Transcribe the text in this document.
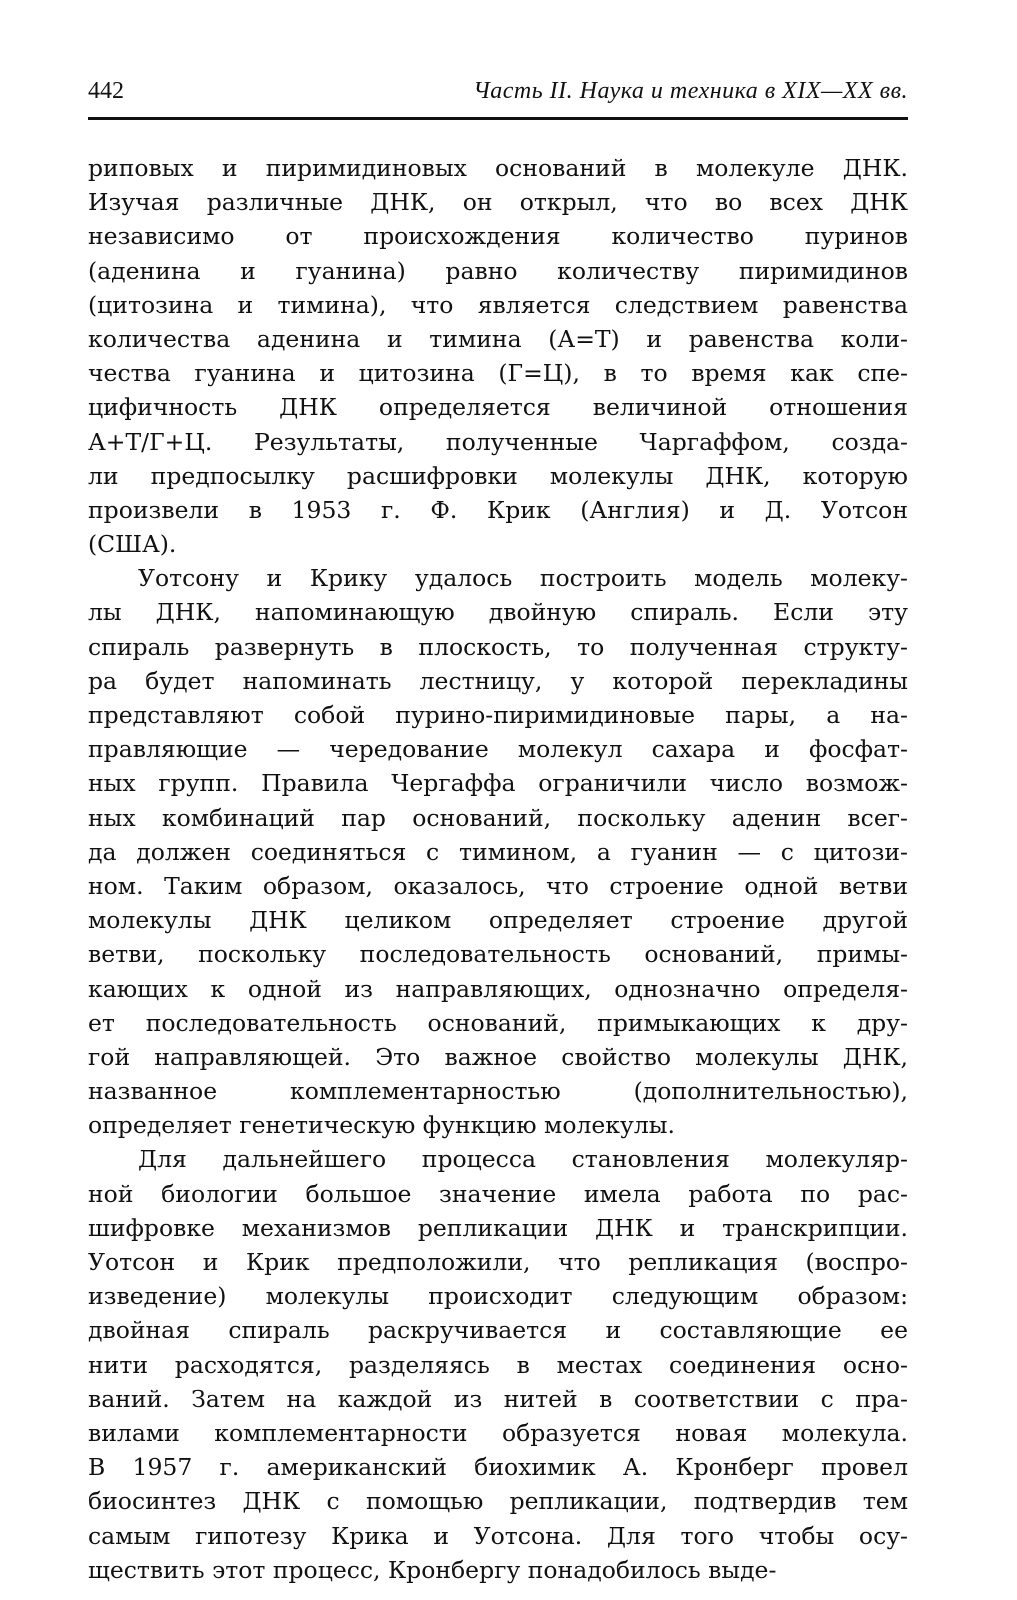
442	Часть II. Наука и техника в XIX—XX вв.
риповых и пиримидиновых оснований в молекуле ДНК.
Изучая различные ДНК, он открыл, что во всех ДНК
независимо от происхождения количество пуринов
(аденина и гуанина) равно количеству пиримидинов
(цитозина и тимина), что является следствием равенства
количества аденина и тимина (А=Т) и равенства коли-
чества гуанина и цитозина (Г=Ц), в то время как спе-
цифичность ДНК определяется величиной отношения
А+Т/Г+Ц. Результаты, полученные Чаргаффом, созда-
ли предпосылку расшифровки молекулы ДНК, которую
произвели в 1953 г. Ф. Крик (Англия) и Д. Уотсон
(США).
Уотсону и Крику удалось построить модель молеку-
лы ДНК, напоминающую двойную спираль. Если эту
спираль развернуть в плоскость, то полученная структу-
ра будет напоминать лестницу, у которой перекладины
представляют собой пурино-пиримидиновые пары, а на-
правляющие — чередование молекул сахара и фосфат-
ных групп. Правила Чергаффа ограничили число возмож-
ных комбинаций пар оснований, поскольку аденин всег-
да должен соединяться с тимином, а гуанин — с цитози-
ном. Таким образом, оказалось, что строение одной ветви
молекулы ДНК целиком определяет строение другой
ветви, поскольку последовательность оснований, примы-
кающих к одной из направляющих, однозначно определя-
ет последовательность оснований, примыкающих к дру-
гой направляющей. Это важное свойство молекулы ДНК,
названное комплементарностью (дополнительностью),
определяет генетическую функцию молекулы.
Для дальнейшего процесса становления молекуляр-
ной биологии большое значение имела работа по рас-
шифровке механизмов репликации ДНК и транскрипции.
Уотсон и Крик предположили, что репликация (воспро-
изведение) молекулы происходит следующим образом:
двойная спираль раскручивается и составляющие ее
нити расходятся, разделяясь в местах соединения осно-
ваний. Затем на каждой из нитей в соответствии с пра-
вилами комплементарности образуется новая молекула.
В 1957 г. американский биохимик А. Кронберг провел
биосинтез ДНК с помощью репликации, подтвердив тем
самым гипотезу Крика и Уотсона. Для того чтобы осу-
ществить этот процесс, Кронбергу понадобилось выде-
